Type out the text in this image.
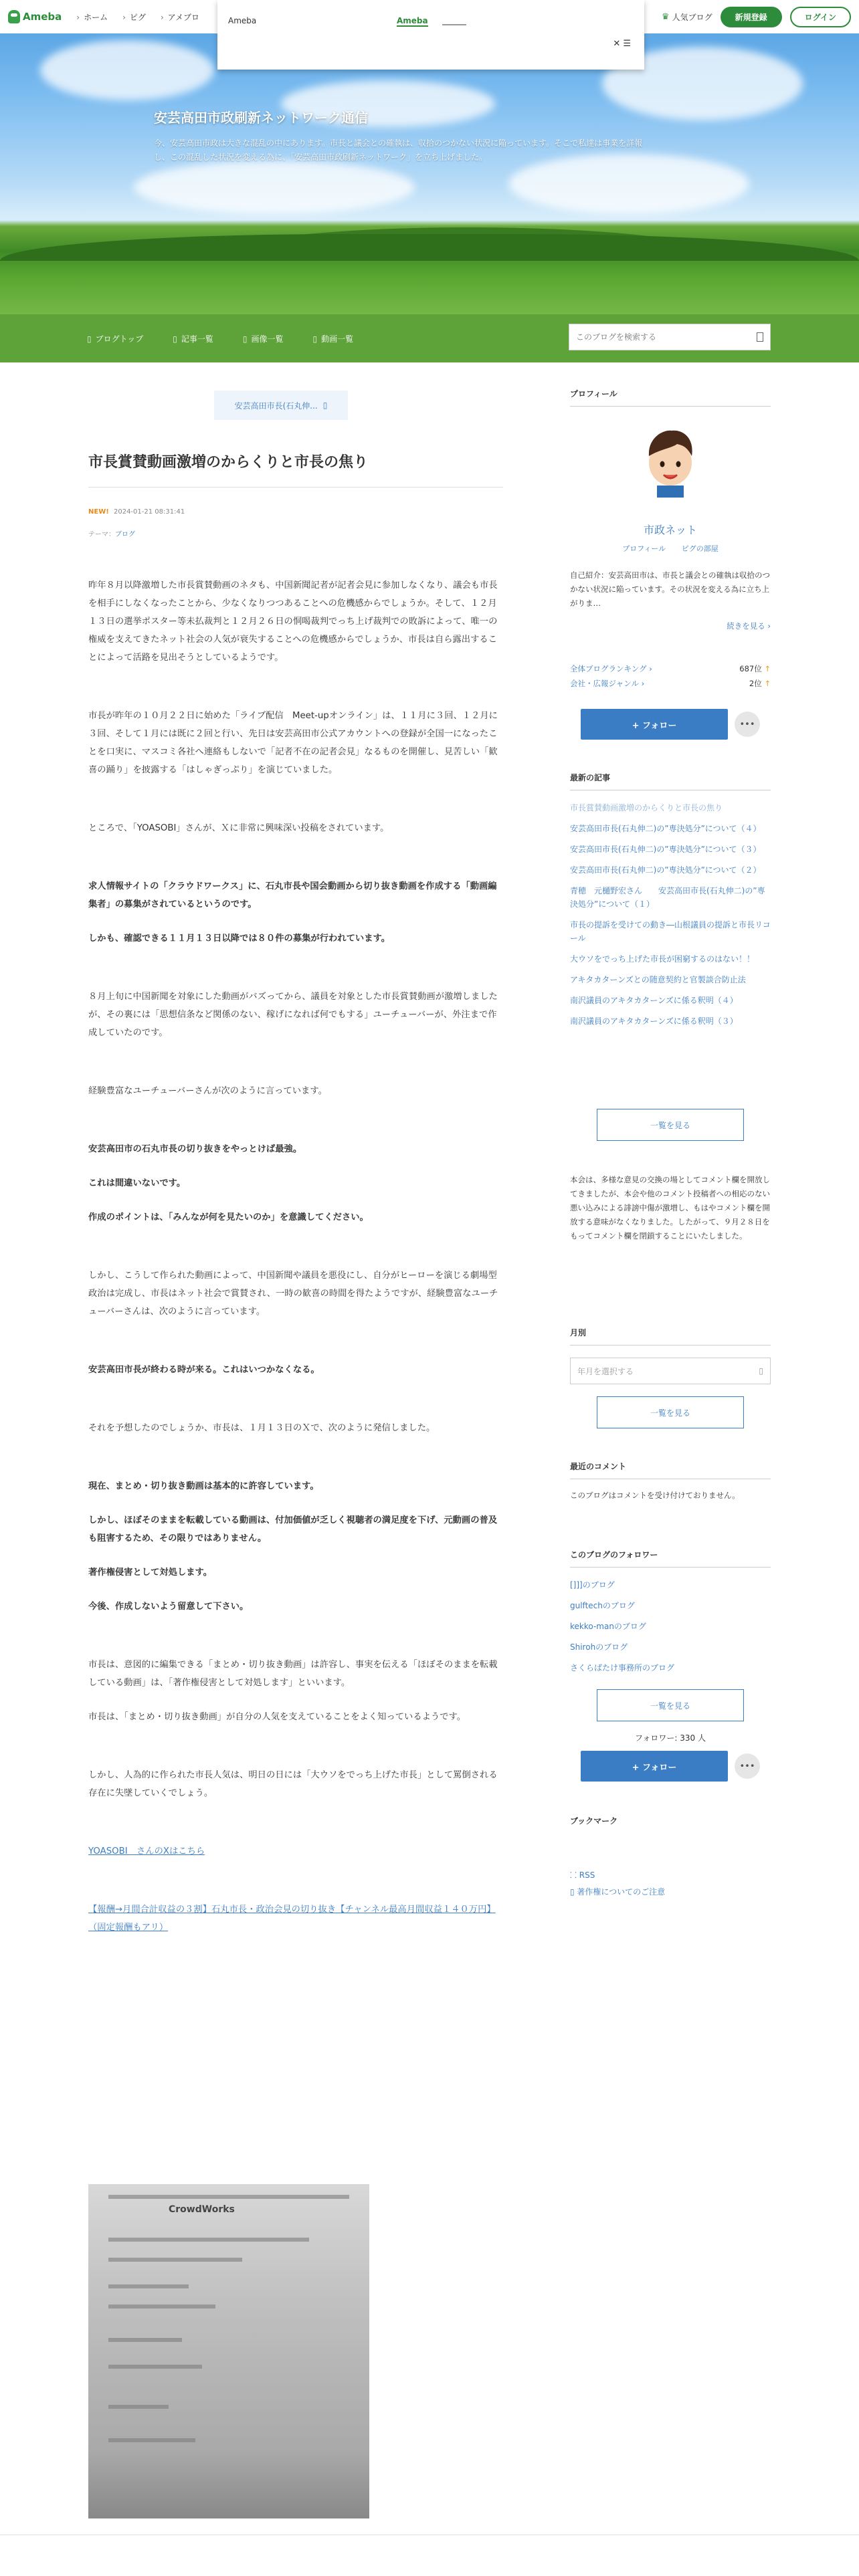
安芸高田市政刷新ネットワーク通信
今、安芸高田市政は大きな混乱の中にあります。市長と議会との確執は、収拾のつかない状況に陥っています。そこで私達は事業を詳報し、この混乱した状況を変える為に、「安芸高田市政刷新ネットワーク」を立ち上げました。
Ameba	› ホーム	› ピグ	› アメブロ	♛ 人気ブログ	新規登録	ログイン
Ameba	Ameba
✕ ☰
▯ ブログトップ	▯ 記事一覧	▯ 画像一覧	▯ 動画一覧
このブログを検索する
安芸高田市長(石丸伸... ▯
市長賞賛動画激増のからくりと市長の焦り
NEW! 2024-01-21 08:31:41
テーマ：ブログ

昨年８月以降激増した市長賞賛動画のネタも、中国新聞記者が記者会見に参加しなくなり、議会も市長を相手にしなくなったことから、少なくなりつつあることへの危機感からでしょうか。そして、１２月１３日の選挙ポスター等未払裁判と１２月２６日の恫喝裁判でっち上げ裁判での敗訴によって、唯一の権威を支えてきたネット社会の人気が衰失することへの危機感からでしょうか、市長は自ら露出することによって活路を見出そうとしているようです。

市長が昨年の１０月２２日に始めた「ライブ配信　Meet-upオンライン」は、１１月に３回、１２月に３回、そして１月には既に２回と行い、先日は安芸高田市公式アカウントへの登録が全国一になったことを口実に、マスコミ各社へ連絡もしないで「記者不在の記者会見」なるものを開催し、見苦しい「歓喜の踊り」を披露する「はしゃぎっぷり」を演じていました。

ところで、「YOASOBI」さんが、Ｘに非常に興味深い投稿をされています。

求人情報サイトの「クラウドワークス」に、石丸市長や国会動画から切り抜き動画を作成する「動画編集者」の募集がされているというのです。

しかも、確認できる１１月１３日以降では８０件の募集が行われています。

８月上旬に中国新聞を対象にした動画がバズってから、議員を対象とした市長賞賛動画が激増しましたが、その裏には「思想信条など関係のない、稼げになれば何でもする」ユーチューバーが、外注まで作成していたのです。

経験豊富なユーチューバーさんが次のように言っています。

安芸高田市の石丸市長の切り抜きをやっとけば最強。

これは間違いないです。

作成のポイントは、「みんなが何を見たいのか」を意識してください。

しかし、こうして作られた動画によって、中国新聞や議員を悪役にし、自分がヒーローを演じる劇場型政治は完成し、市長はネット社会で賞賛され、一時の歓喜の時間を得たようですが、経験豊富なユーチューバーさんは、次のように言っています。

安芸高田市長が終わる時が来る。これはいつかなくなる。

それを予想したのでしょうか、市長は、１月１３日のＸで、次のように発信しました。

現在、まとめ・切り抜き動画は基本的に許容しています。

しかし、ほぼそのままを転載している動画は、付加価値が乏しく視聴者の満足度を下げ、元動画の普及も阻害するため、その限りではありません。

著作権侵害として対処します。

今後、作成しないよう留意して下さい。

市長は、意図的に編集できる「まとめ・切り抜き動画」は許容し、事実を伝える「ほぼそのままを転載している動画」は、「著作権侵害として対処します」といいます。

市長は、「まとめ・切り抜き動画」が自分の人気を支えていることをよく知っているようです。

しかし、人為的に作られた市長人気は、明日の日には「大ウソをでっち上げた市長」として罵倒される存在に失墜していくでしょう。

YOASOBI　さんのXはこちら

【報酬→月間合計収益の３割】石丸市長・政治会見の切り抜き【チャンネル最高月間収益１４０万円】（固定報酬もアリ）

CrowdWorks
プロフィール
市政ネット
プロフィール ピグの部屋
自己紹介：安芸高田市は、市長と議会との確執は収拾のつかない状況に陥っています。その状況を変える為に立ち上がりま…
続きを見る ›
全体ブログランキング ›	687位 ↑
会社・広報ジャンル ›	2位 ↑
+ フォロー	•••
最新の記事
市長賞賛動画激増のからくりと市長の焦り
安芸高田市長(石丸伸二)の”専決処分”について（４）
安芸高田市長(石丸伸二)の”専決処分”について（３）
安芸高田市長(石丸伸二)の”専決処分”について（２）
青穂　元樋野宏さん　　安芸高田市長(石丸伸二)の”専決処分”について（１）
市長の提訴を受けての動き―山根議員の提訴と市長リコール
大ウソをでっち上げた市長が困窮するのはない！！
アキタカターンズとの随意契約と官製談合防止法
南沢議員のアキタカターンズに係る釈明（４）
南沢議員のアキタカターンズに係る釈明（３）
一覧を見る
本会は、多様な意見の交換の場としてコメント欄を開放してきましたが、本会や他のコメント投稿者への相応のない悪い込みによる誹謗中傷が激増し、もはやコメント欄を開放する意味がなくなりました。したがって、９月２８日をもってコメント欄を閉鎖することにいたしました。
月別
年月を選択する	▯
一覧を見る
最近のコメント
このブログはコメントを受け付けておりません。
このブログのフォロワー
[]]]のブログ
gulftechのブログ
kekko-manのブログ
Shirohのブログ
さくらばたけ事務所のブログ
一覧を見る
フォロワー: 330 人
+ フォロー	•••
ブックマーク
⸬ RSS
▯ 著作権についてのご注意
